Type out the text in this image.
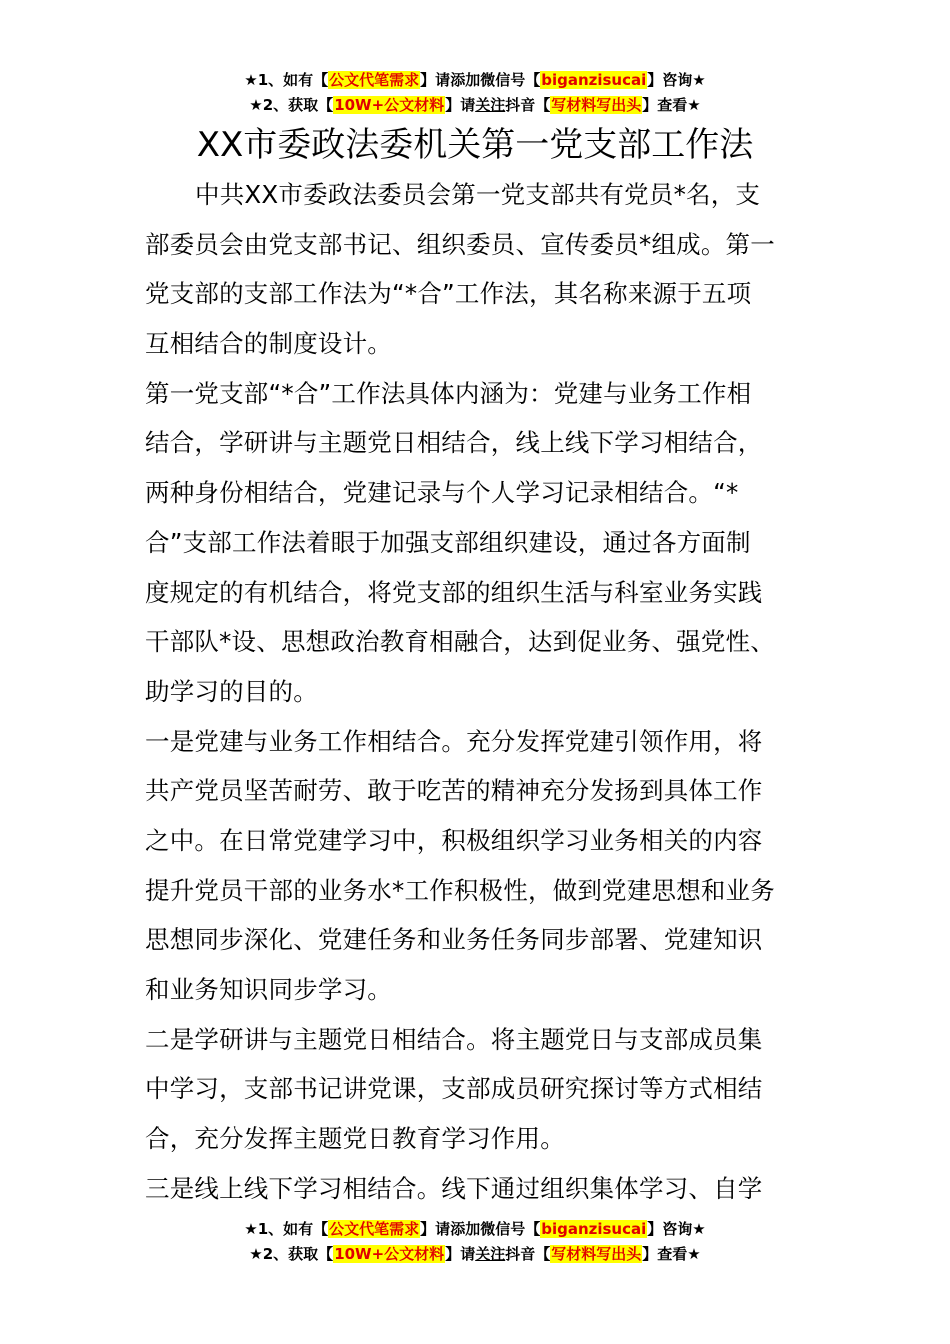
★1、如有【公文代笔需求】请添加微信号【biganzisucai】咨询★
★2、获取【10W+公文材料】请关注抖音【写材料写出头】查看★
XX市委政法委机关第一党支部工作法
中共XX市委政法委员会第一党支部共有党员*名，支
部委员会由党支部书记、组织委员、宣传委员*组成。第一
党支部的支部工作法为“*合”工作法，其名称来源于五项
互相结合的制度设计。
第一党支部“*合”工作法具体内涵为：党建与业务工作相
结合，学研讲与主题党日相结合，线上线下学习相结合，
两种身份相结合，党建记录与个人学习记录相结合。“*
合”支部工作法着眼于加强支部组织建设，通过各方面制
度规定的有机结合，将党支部的组织生活与科室业务实践
干部队*设、思想政治教育相融合，达到促业务、强党性、
助学习的目的。
一是党建与业务工作相结合。充分发挥党建引领作用，将
共产党员坚苦耐劳、敢于吃苦的精神充分发扬到具体工作
之中。在日常党建学习中，积极组织学习业务相关的内容
提升党员干部的业务水*工作积极性，做到党建思想和业务
思想同步深化、党建任务和业务任务同步部署、党建知识
和业务知识同步学习。
二是学研讲与主题党日相结合。将主题党日与支部成员集
中学习，支部书记讲党课，支部成员研究探讨等方式相结
合，充分发挥主题党日教育学习作用。
三是线上线下学习相结合。线下通过组织集体学习、自学
★1、如有【公文代笔需求】请添加微信号【biganzisucai】咨询★
★2、获取【10W+公文材料】请关注抖音【写材料写出头】查看★
